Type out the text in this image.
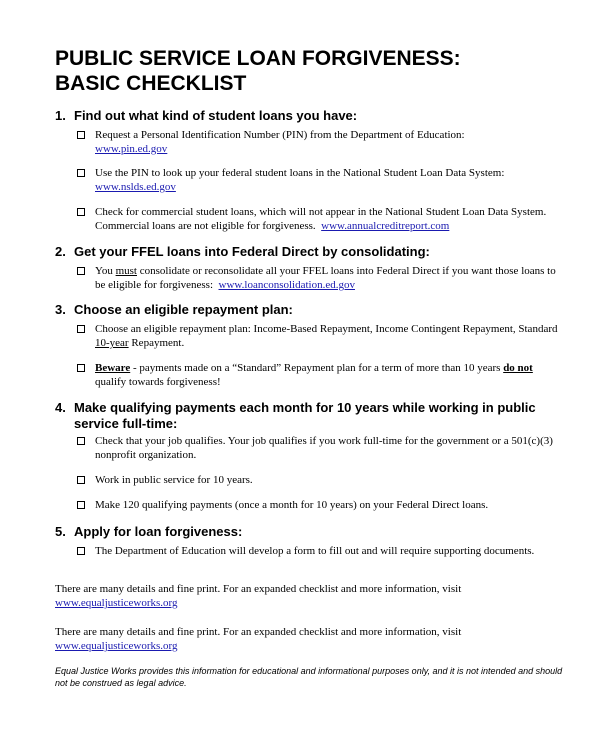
PUBLIC SERVICE LOAN FORGIVENESS:
BASIC CHECKLIST
1. Find out what kind of student loans you have:
Request a Personal Identification Number (PIN) from the Department of Education:
www.pin.ed.gov
Use the PIN to look up your federal student loans in the National Student Loan Data System:
www.nslds.ed.gov
Check for commercial student loans, which will not appear in the National Student Loan Data System. Commercial loans are not eligible for forgiveness. www.annualcreditreport.com
2. Get your FFEL loans into Federal Direct by consolidating:
You must consolidate or reconsolidate all your FFEL loans into Federal Direct if you want those loans to be eligible for forgiveness: www.loanconsolidation.ed.gov
3. Choose an eligible repayment plan:
Choose an eligible repayment plan: Income-Based Repayment, Income Contingent Repayment, Standard 10-year Repayment.
Beware - payments made on a “Standard” Repayment plan for a term of more than 10 years do not qualify towards forgiveness!
4. Make qualifying payments each month for 10 years while working in public
service full-time:
Check that your job qualifies. Your job qualifies if you work full-time for the government or a 501(c)(3) nonprofit organization.
Work in public service for 10 years.
Make 120 qualifying payments (once a month for 10 years) on your Federal Direct loans.
5. Apply for loan forgiveness:
The Department of Education will develop a form to fill out and will require supporting documents.
There are many details and fine print. For an expanded checklist and more information, visit
www.equaljusticeworks.org
There are many details and fine print. For an expanded checklist and more information, visit
www.equaljusticeworks.org
Equal Justice Works provides this information for educational and informational purposes only, and it is not intended and should not be construed as legal advice.
